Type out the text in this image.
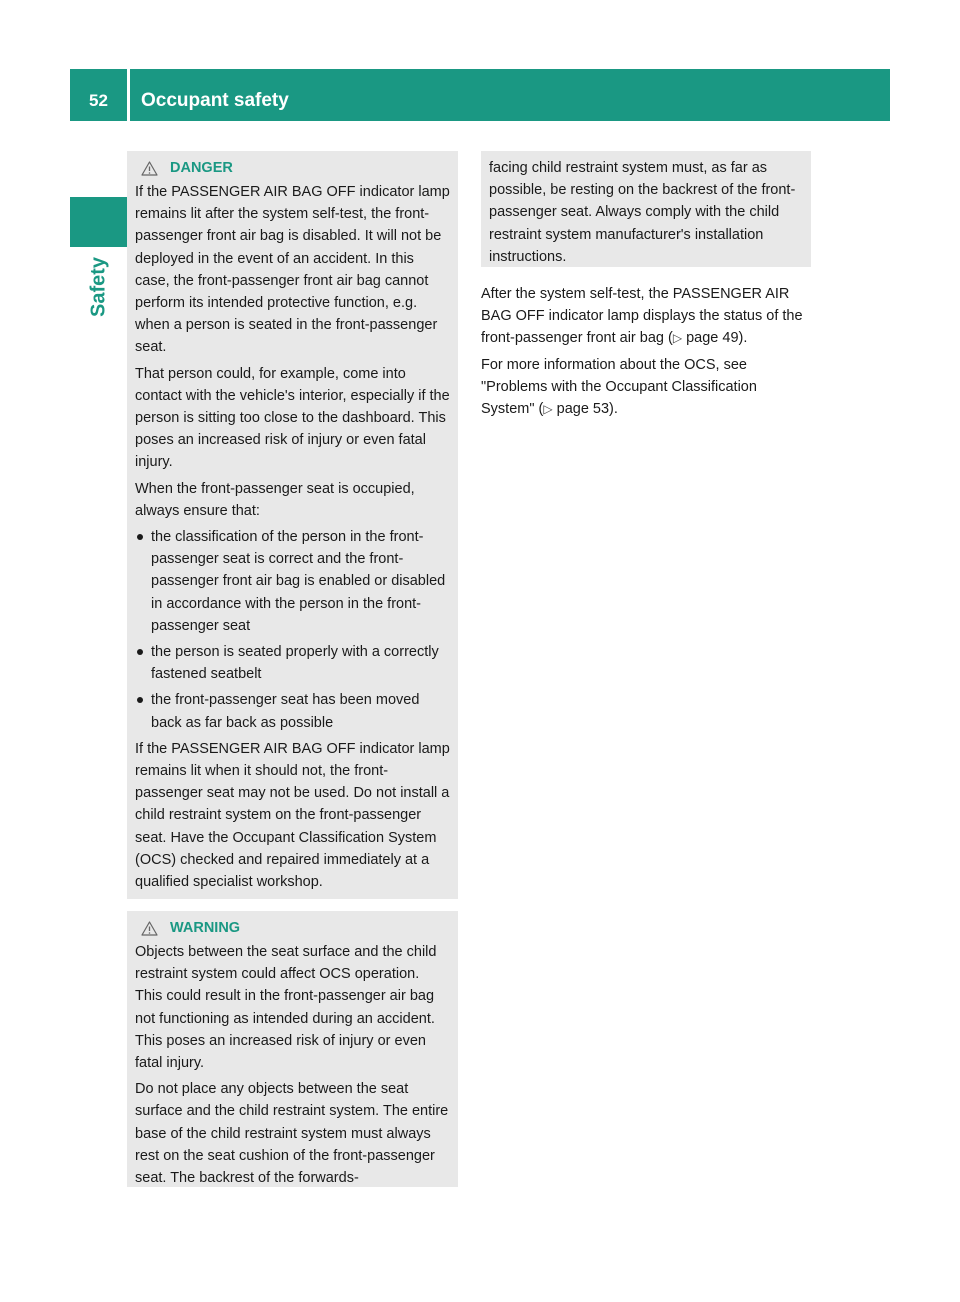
52	Occupant safety
Safety
DANGER

If the PASSENGER AIR BAG OFF indicator lamp remains lit after the system self-test, the front-passenger front air bag is disabled. It will not be deployed in the event of an accident. In this case, the front-passenger front air bag cannot perform its intended protective function, e.g. when a person is seated in the front-passenger seat.

That person could, for example, come into contact with the vehicle's interior, especially if the person is sitting too close to the dashboard. This poses an increased risk of injury or even fatal injury.

When the front-passenger seat is occupied, always ensure that:

the classification of the person in the front-passenger seat is correct and the front-passenger front air bag is enabled or disabled in accordance with the person in the front-passenger seat
the person is seated properly with a correctly fastened seatbelt
the front-passenger seat has been moved back as far back as possible

If the PASSENGER AIR BAG OFF indicator lamp remains lit when it should not, the front-passenger seat may not be used. Do not install a child restraint system on the front-passenger seat. Have the Occupant Classification System (OCS) checked and repaired immediately at a qualified specialist workshop.

WARNING

Objects between the seat surface and the child restraint system could affect OCS operation. This could result in the front-passenger air bag not functioning as intended during an accident. This poses an increased risk of injury or even fatal injury.

Do not place any objects between the seat surface and the child restraint system. The entire base of the child restraint system must always rest on the seat cushion of the front-passenger seat. The backrest of the forwards-

facing child restraint system must, as far as possible, be resting on the backrest of the front-passenger seat. Always comply with the child restraint system manufacturer's installation instructions.

After the system self-test, the PASSENGER AIR BAG OFF indicator lamp displays the status of the front-passenger front air bag (▷ page 49).

For more information about the OCS, see "Problems with the Occupant Classification System" (▷ page 53).
